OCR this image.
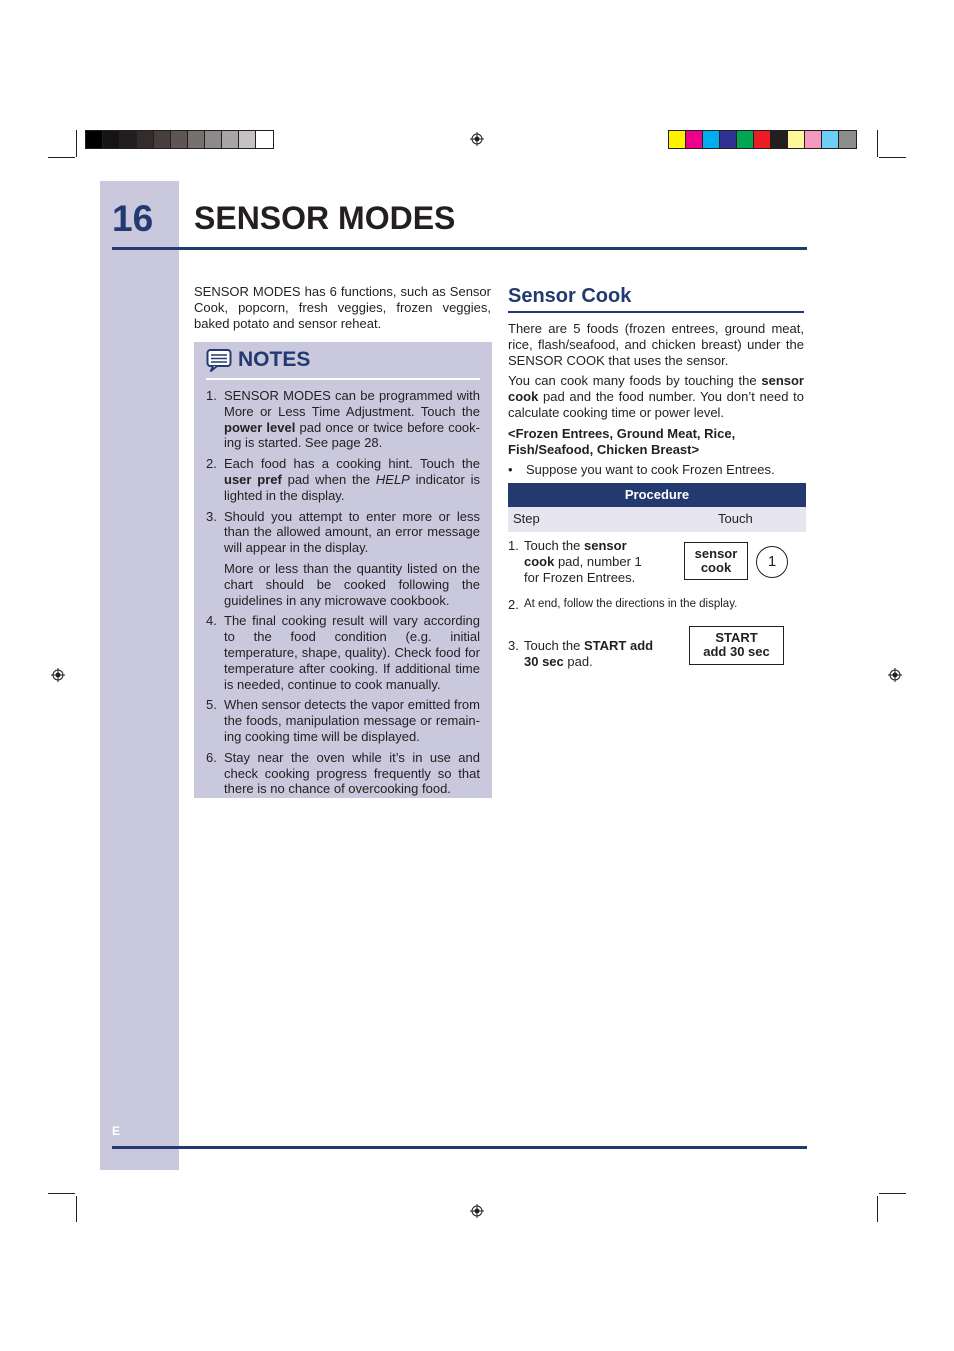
16 SENSOR MODES
E
SENSOR MODES has 6 functions, such as Sensor Cook, popcorn, fresh veggies, frozen veggies, baked potato and sensor reheat.
NOTES
1. SENSOR MODES can be programmed with More or Less Time Adjustment. Touch the power level pad once or twice before cook-ing is started. See page 28.

2. Each food has a cooking hint. Touch the user pref pad when the HELP indicator is lighted in the display.

3. Should you attempt to enter more or less than the allowed amount, an error message will appear in the display.

More or less than the quantity listed on the chart should be cooked following the guidelines in any microwave cookbook.

4. The final cooking result will vary according to the food condition (e.g. initial temperature, shape, quality). Check food for temperature after cooking. If additional time is needed, continue to cook manually.

5. When sensor detects the vapor emitted from the foods, manipulation message or remain-ing cooking time will be displayed.

6. Stay near the oven while it’s in use and check cooking progress frequently so that there is no chance of overcooking food.

Sensor Cook

There are 5 foods (frozen entrees, ground meat, rice, flash/seafood, and chicken breast) under the SENSOR COOK that uses the sensor.

You can cook many foods by touching the sensor cook pad and the food number. You don’t need to calculate cooking time or power level.

<Frozen Entrees, Ground Meat, Rice, Fish/Seafood, Chicken Breast>

• Suppose you want to cook Frozen Entrees.

Procedure
Step	Touch
1. Touch the sensor cook pad, number 1 for Frozen Entrees.
sensor
cook	1
2. At end, follow the directions in the display.
3. Touch the START add 30 sec pad.
START
add 30 sec
